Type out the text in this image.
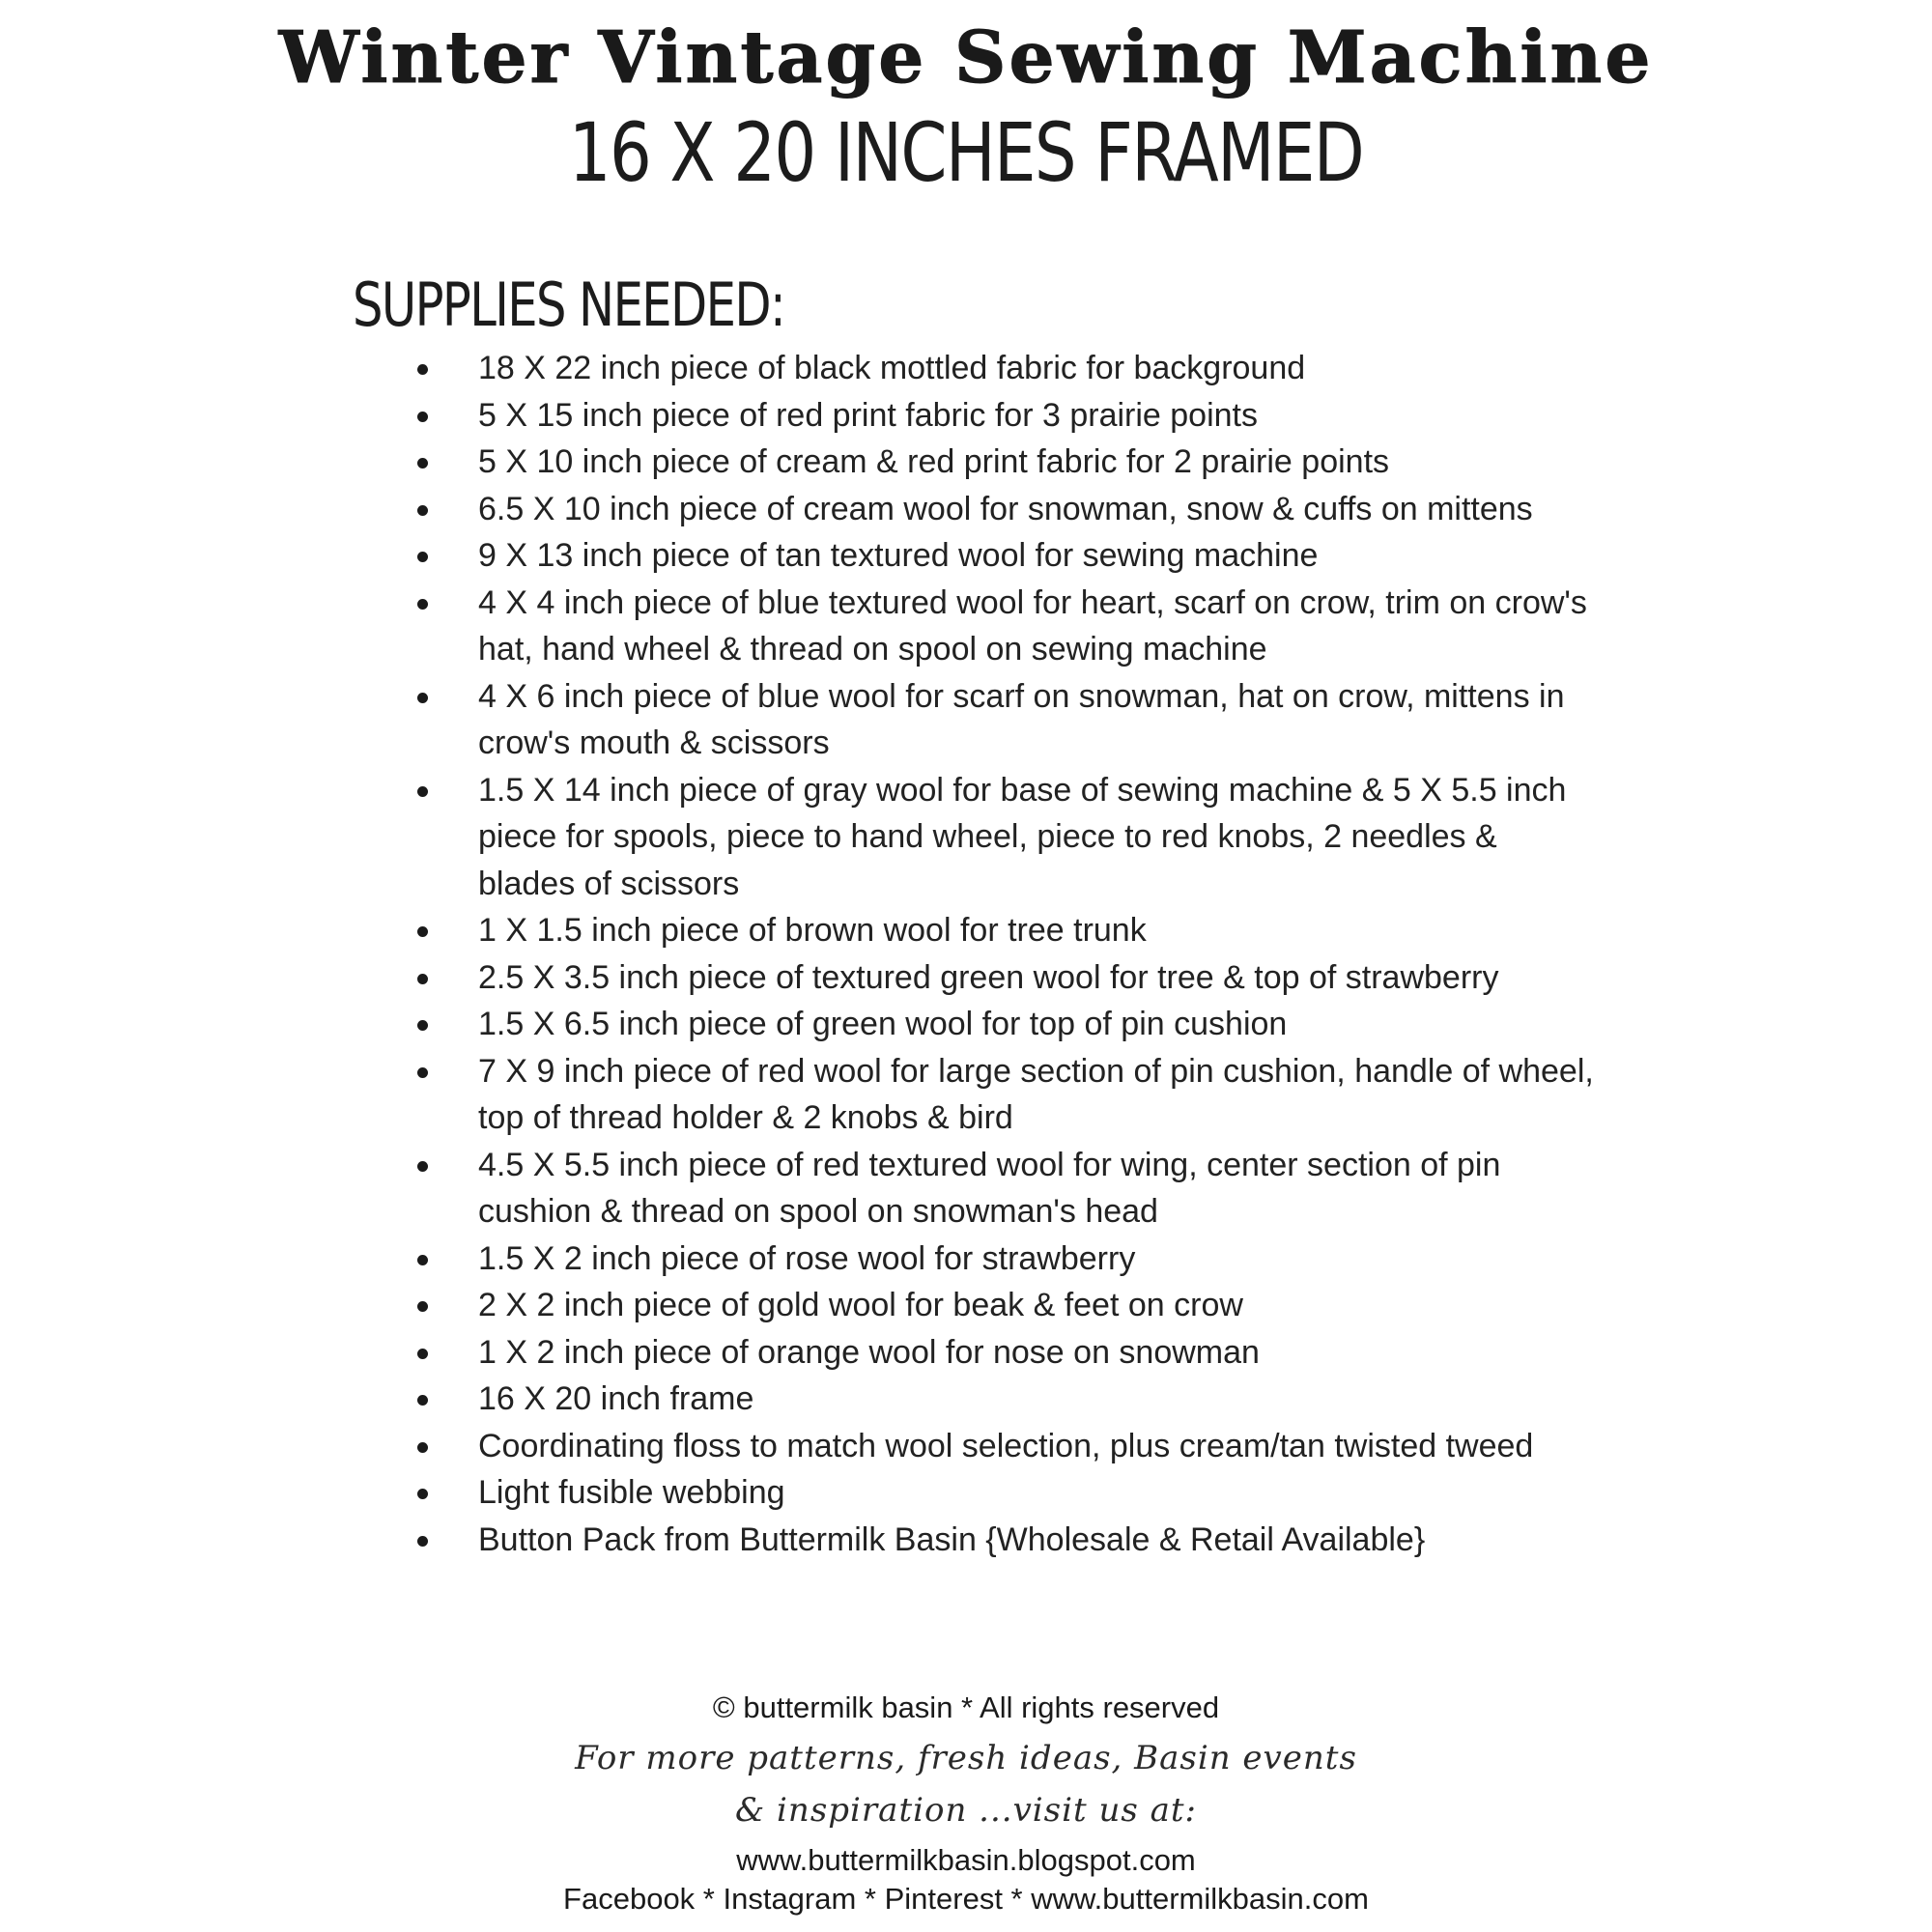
Winter Vintage Sewing Machine
16 X 20 INCHES FRAMED
SUPPLIES NEEDED:
18 X 22 inch piece of black mottled fabric for background
5 X 15 inch piece of red print fabric for 3 prairie points
5 X 10 inch piece of cream & red print fabric for 2 prairie points
6.5 X 10 inch piece of cream wool for snowman, snow & cuffs on mittens
9 X 13 inch piece of tan textured wool for sewing machine
4 X 4 inch piece of blue textured wool for heart, scarf on crow, trim on crow's hat, hand wheel & thread on spool on sewing machine
4 X 6 inch piece of blue wool for scarf on snowman, hat on crow, mittens in crow's mouth & scissors
1.5 X 14 inch piece of gray wool for base of sewing machine & 5 X 5.5 inch piece for spools, piece to hand wheel, piece to red knobs, 2 needles & blades of scissors
1 X 1.5 inch piece of brown wool for tree trunk
2.5 X 3.5 inch piece of textured green wool for tree & top of strawberry
1.5 X 6.5 inch piece of green wool for top of pin cushion
7 X 9 inch piece of red wool for large section of pin cushion, handle of wheel, top of thread holder & 2 knobs & bird
4.5 X 5.5 inch piece of red textured wool for wing, center section of pin cushion & thread on spool on snowman's head
1.5 X 2 inch piece of rose wool for strawberry
2 X 2 inch piece of gold wool for beak & feet on crow
1 X 2 inch piece of orange wool for nose on snowman
16 X 20 inch frame
Coordinating floss to match wool selection, plus cream/tan twisted tweed
Light fusible webbing
Button Pack from Buttermilk Basin {Wholesale & Retail Available}
© buttermilk basin * All rights reserved
For more patterns, fresh ideas, Basin events
& inspiration ...visit us at:
www.buttermilkbasin.blogspot.com
Facebook * Instagram * Pinterest * www.buttermilkbasin.com
